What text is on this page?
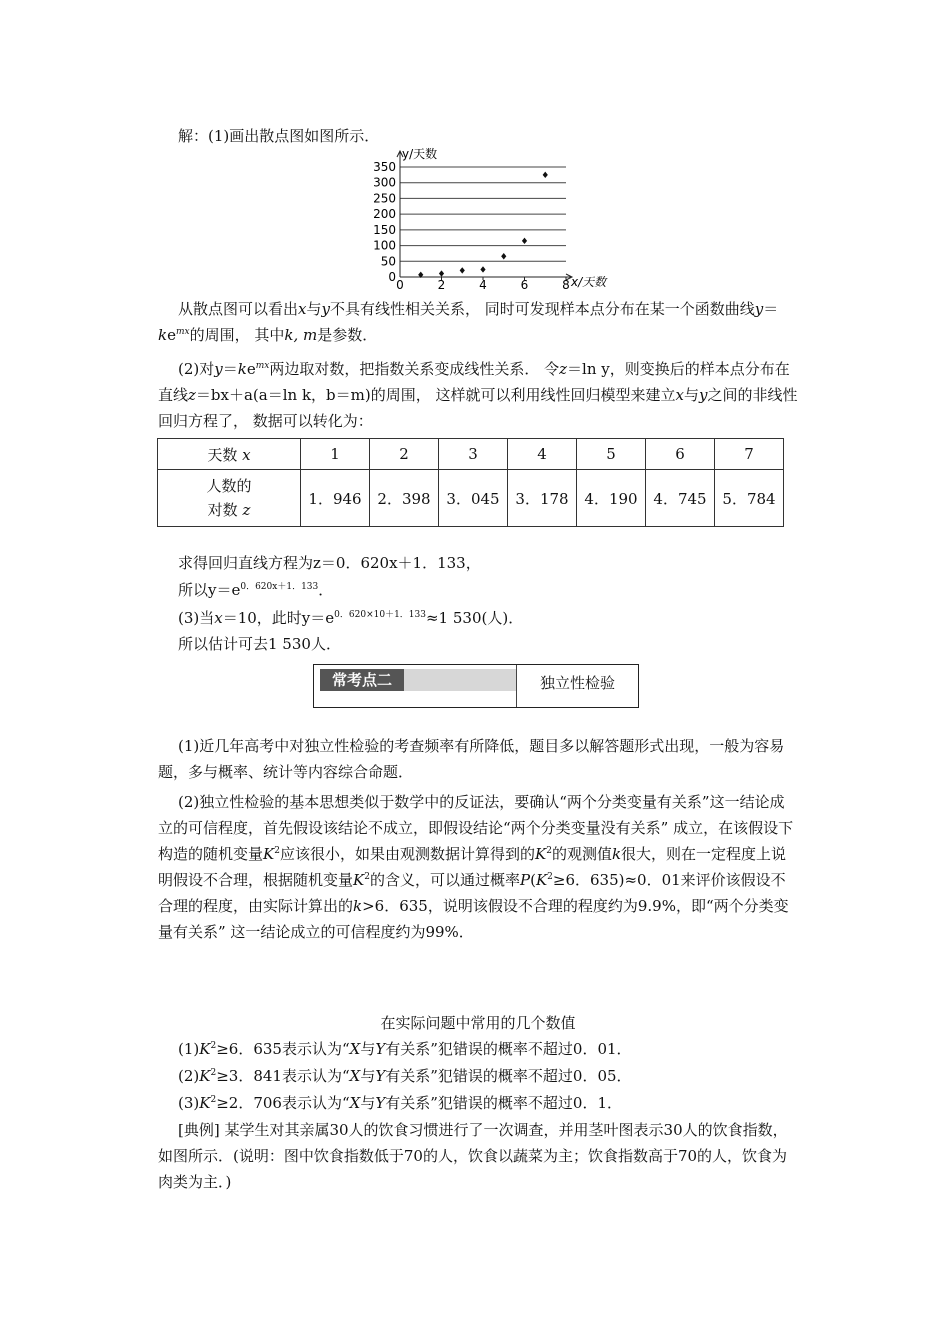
解：(1)画出散点图如图所示．
0
50
100
150
200
250
300
350
0	2	4	6	8
y/天数
x/天数
从散点图可以看出x与y不具有线性相关关系， 同时可发现样本点分布在某一个函数曲线$y=ke^{mx}$的周围， 其中k, m是参数．
(2)对$y=ke^{mx}$两边取对数，把指数关系变成线性关系． 令z＝ln y，则变换后的样本点分布在直线z＝bx＋a(a＝ln k，b＝m)的周围， 这样就可以利用线性回归模型来建立x与y之间的非线性回归方程了， 数据可以转化为：
天数 x	1	2	3	4	5	6	7
人数的
对数 z	1．946	2．398	3．045	3．178	4．190	4．745	5．784
求得回归直线方程为z＝0．620x＋1．133，
所以$y=e^{0.620x+1.133}$．
(3)当x＝10，此时$y=e^{0.620\times 10+1.133}\approx 1$ 530(人)．
所以估计可去1 530人．
常考点二	独立性检验
(1)近几年高考中对独立性检验的考查频率有所降低，题目多以解答题形式出现，一般为容易题，多与概率、统计等内容综合命题．
(2)独立性检验的基本思想类似于数学中的反证法，要确认“两个分类变量有关系”这一结论成立的可信程度，首先假设该结论不成立，即假设结论“两个分类变量没有关系” 成立，在该假设下构造的随机变量$K^2$应该很小，如果由观测数据计算得到的$K^2$的观测值k很大，则在一定程度上说明假设不合理，根据随机变量$K^2$的含义，可以通过概率$P(K^2\ge 6$．635)≈0．01来评价该假设不合理的程度，由实际计算出的k>6．635，说明该假设不合理的程度约为9.9%，即“两个分类变量有关系” 这一结论成立的可信程度约为99%．
在实际问题中常用的几个数值
$(1)K^2\ge 6$．635表示认为“X与Y有关系”犯错误的概率不超过0．01．
$(2)K^2\ge 3$．841表示认为“X与Y有关系”犯错误的概率不超过0．05．
$(3)K^2\ge 2$．706表示认为“X与Y有关系”犯错误的概率不超过0．1．
[典例] 某学生对其亲属30人的饮食习惯进行了一次调查，并用茎叶图表示30人的饮食指数，如图所示．(说明：图中饮食指数低于70的人，饮食以蔬菜为主；饮食指数高于70的人，饮食为肉类为主．)
